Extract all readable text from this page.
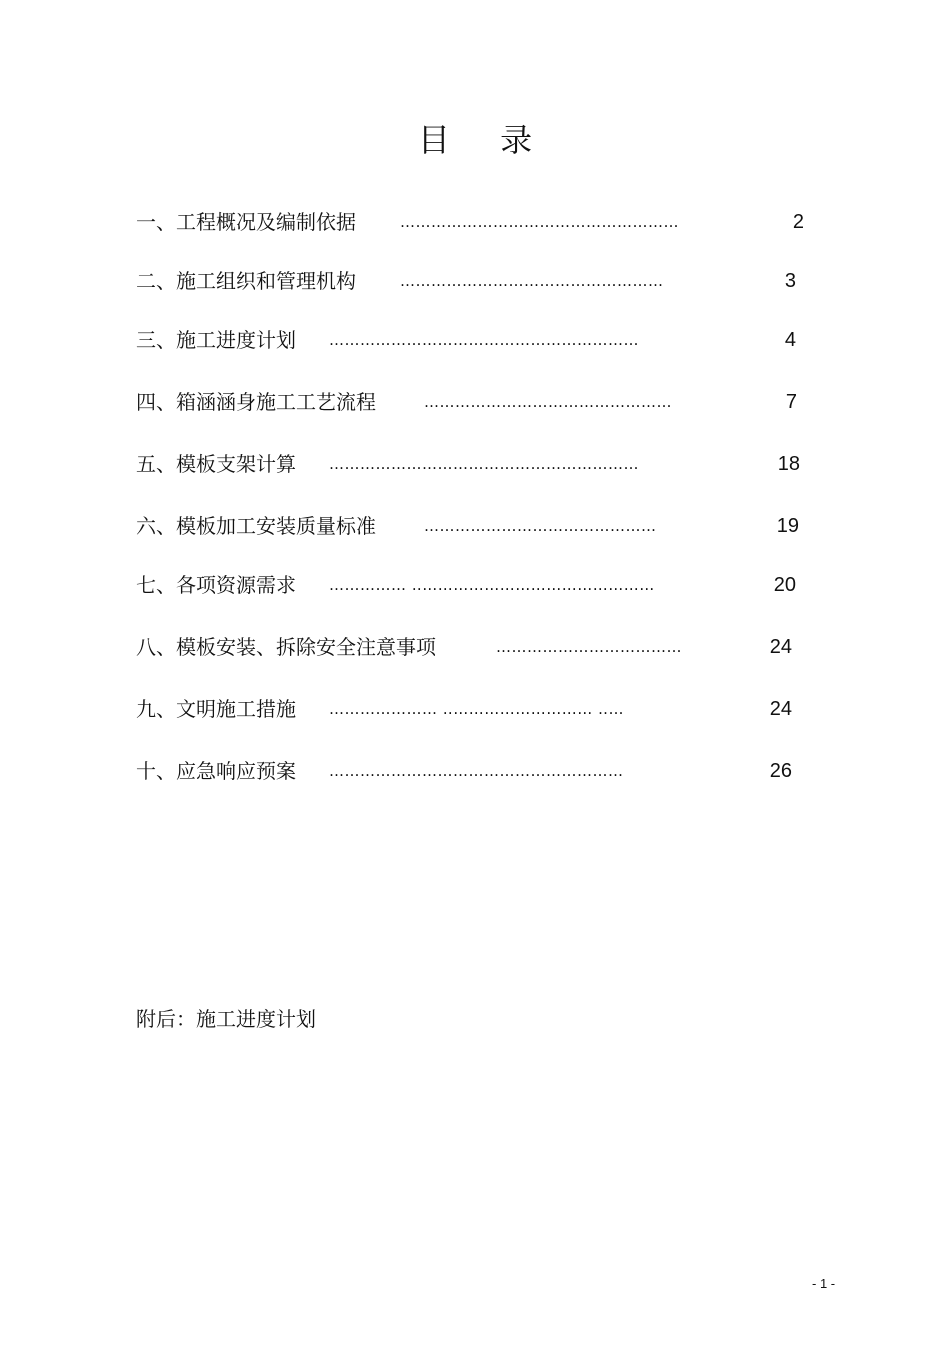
目 录
一、工程概况及编制依据	………………………………………………	2
二、施工组织和管理机构	……………………………………………	3
三、施工进度计划 ……………………………………………………	4
四、箱涵涵身施工工艺流程	…………………………………………	7
五、模板支架计算 ……………………………………………………	18
六、模板加工安装质量标准	………………………………………	19
七、各项资源需求 …………… ‥………………………………………	20
八、模板安装、拆除安全注意事项	………………………………	24
九、文明施工措施 ………………… ‥……………………… ‥…	24
十、应急响应预案 …………………………………………………	26
附后：施工进度计划
- 1 -
